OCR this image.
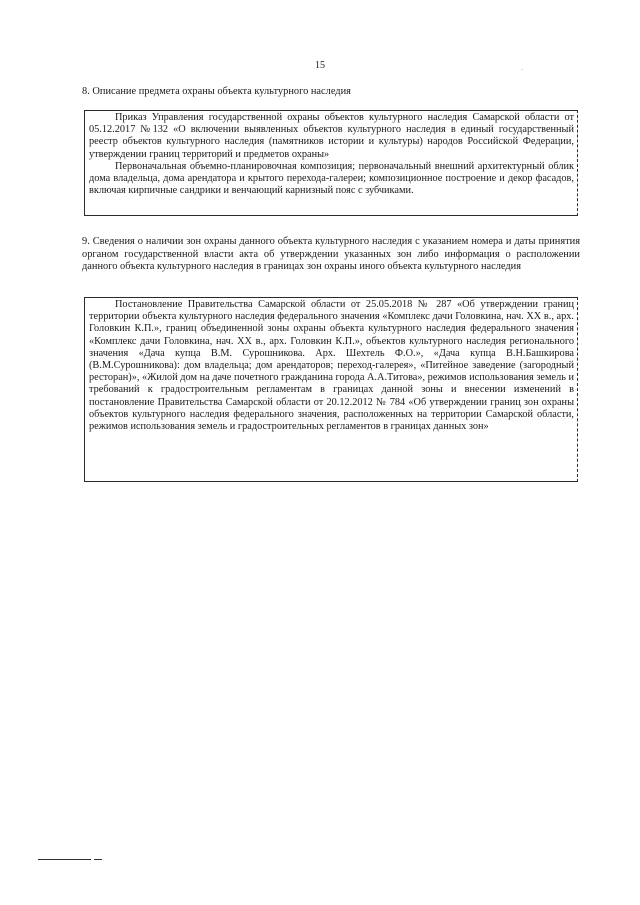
15	.

8. Описание предмета охраны объекта культурного наследия

Приказ Управления государственной охраны объектов культурного наследия Самарской области от 05.12.2017 №132 «О включении выявленных объектов культурного наследия в единый государственный реестр объектов культурного наследия (памятников истории и культуры) народов Российской Федерации, утверждении границ территорий и предметов охраны»

Первоначальная объемно-планировочная композиция; первоначальный внешний архитектурный облик дома владельца, дома арендатора и крытого перехода-галереи; композиционное построение и декор фасадов, включая кирпичные сандрики и венчающий карнизный пояс с зубчиками.

9. Сведения о наличии зон охраны данного объекта культурного наследия с указанием номера и даты принятия органом государственной власти акта об утверждении указанных зон либо информация о расположении данного объекта культурного наследия в границах зон охраны иного объекта культурного наследия

Постановление Правительства Самарской области от 25.05.2018 № 287 «Об утверждении границ территории объекта культурного наследия федерального значения «Комплекс дачи Головкина, нач. XX в., арх. Головкин К.П.», границ объединенной зоны охраны объекта культурного наследия федерального значения «Комплекс дачи Головкина, нач. XX в., арх. Головкин К.П.», объектов культурного наследия регионального значения «Дача купца В.М. Сурошникова. Арх. Шехтель Ф.О.», «Дача купца В.Н.Башкирова (В.М.Сурошникова): дом владельца; дом арендаторов; переход-галерея», «Питейное заведение (загородный ресторан)», «Жилой дом на даче почетного гражданина города А.А.Титова», режимов использования земель и требований к градостроительным регламентам в границах данной зоны и внесении изменений в постановление Правительства Самарской области от 20.12.2012 № 784 «Об утверждении границ зон охраны объектов культурного наследия федерального значения, расположенных на территории Самарской области, режимов использования земель и градостроительных регламентов в границах данных зон»
